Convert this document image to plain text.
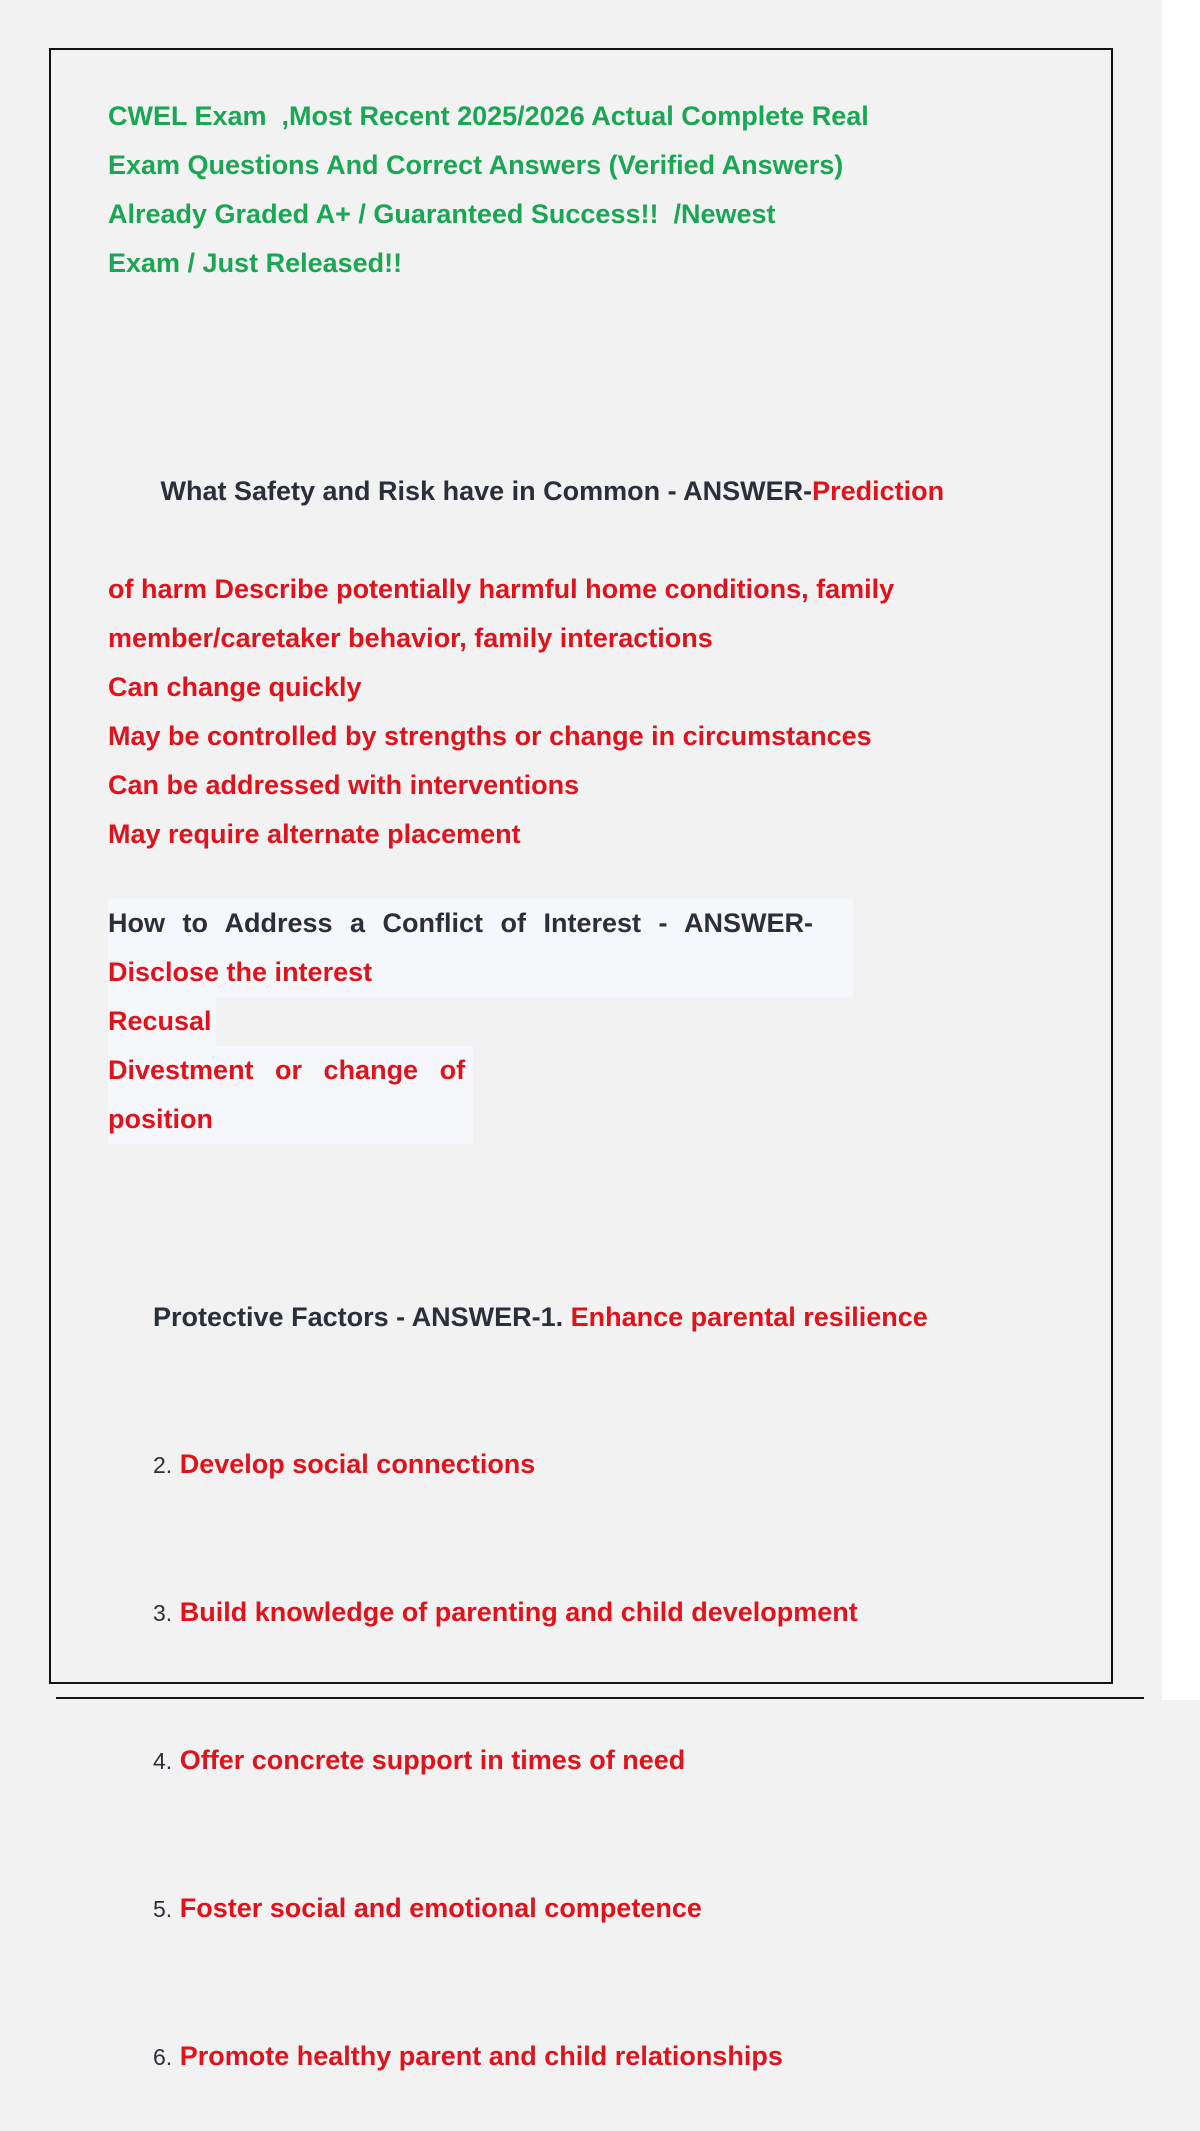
CWEL Exam  ,Most Recent 2025/2026 Actual Complete Real
Exam Questions And Correct Answers (Verified Answers)
Already Graded A+ / Guaranteed Success!!  /Newest
Exam / Just Released!!

What Safety and Risk have in Common - ANSWER-Prediction

of harm Describe potentially harmful home conditions, family
member/caretaker behavior, family interactions
Can change quickly
May be controlled by strengths or change in circumstances
Can be addressed with interventions
May require alternate placement
How to Address a Conflict of Interest - ANSWER-
Disclose the interest
Recusal
Divestment or change of
position

Protective Factors - ANSWER-1. Enhance parental resilience

2. Develop social connections

3. Build knowledge of parenting and child development

4. Offer concrete support in times of need

5. Foster social and emotional competence

6. Promote healthy parent and child relationships
